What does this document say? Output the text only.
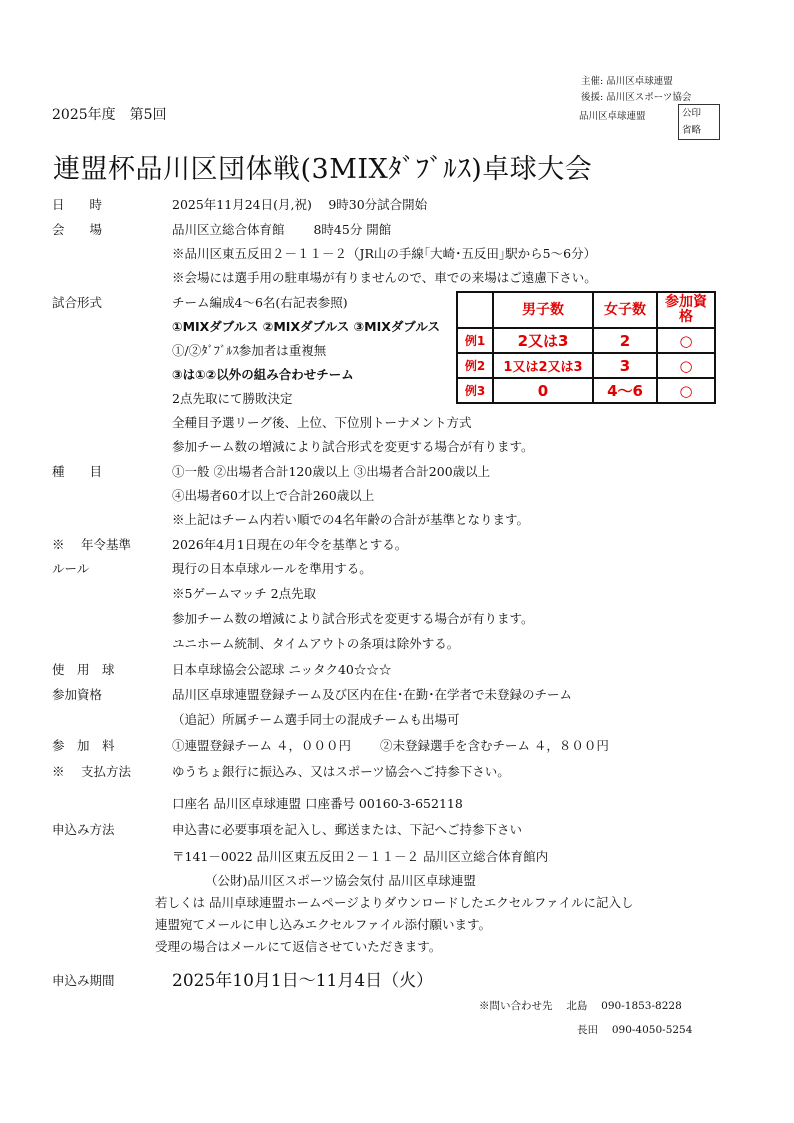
主催: 品川区卓球連盟
後援: 品川区スポーツ協会
品川区卓球連盟	公印
省略
2025年度　第5回
連盟杯品川区団体戦(3MIXﾀﾞﾌﾞﾙｽ)卓球大会
日　　時	2025年11月24日(月,祝)　 9時30分試合開始
会　　場	品川区立総合体育館　　 8時45分 開館
※品川区東五反田２－１１－２（JR山の手線｢大崎･五反田｣駅から5～6分）
※会場には選手用の駐車場が有りませんので、車での来場はご遠慮下さい。
試合形式	チーム編成4～6名(右記表参照)
①MIXダブルス ②MIXダブルス ③MIXダブルス
①/②ﾀﾞﾌﾞﾙｽ参加者は重複無
③は①②以外の組み合わせチーム
2点先取にて勝敗決定
全種目予選リーグ後、上位、下位別トーナメント方式
参加チーム数の増減により試合形式を変更する場合が有ります。
	男子数	女子数	参加資格
例1	2又は3	2	○
例2	1又は2又は3	3	○
例3	0	4～6	○
種　　目	①一般 ②出場者合計120歳以上 ③出場者合計200歳以上
④出場者60才以上で合計260歳以上
※上記はチーム内若い順での4名年齢の合計が基準となります。
※　 年令基準	2026年4月1日現在の年令を基準とする。
ルール	現行の日本卓球ルールを準用する。
※5ゲームマッチ 2点先取
参加チーム数の増減により試合形式を変更する場合が有ります。
ユニホーム統制、タイムアウトの条項は除外する。
使　用　球	日本卓球協会公認球 ニッタク40☆☆☆
参加資格	品川区卓球連盟登録チーム及び区内在住･在勤･在学者で未登録のチーム
（追記）所属チーム選手同士の混成チームも出場可
参　加　料	①連盟登録チーム ４，０００円　　 ②未登録選手を含むチーム ４，８００円
※　 支払方法	ゆうちょ銀行に振込み、又はスポーツ協会へご持参下さい。
口座名 品川区卓球連盟 口座番号 00160-3-652118
申込み方法	申込書に必要事項を記入し、郵送または、下記へご持参下さい
〒141－0022 品川区東五反田２－１１－２ 品川区立総合体育館内
（公財)品川区スポーツ協会気付 品川区卓球連盟
若しくは 品川卓球連盟ホームページよりダウンロードしたエクセルファイルに記入し
連盟宛てメールに申し込みエクセルファイル添付願います。
受理の場合はメールにて返信させていただきます。
申込み期間	2025年10月1日～11月4日（火）
※問い合わせ先　 北島　 090-1853-8228
長田　 090-4050-5254
